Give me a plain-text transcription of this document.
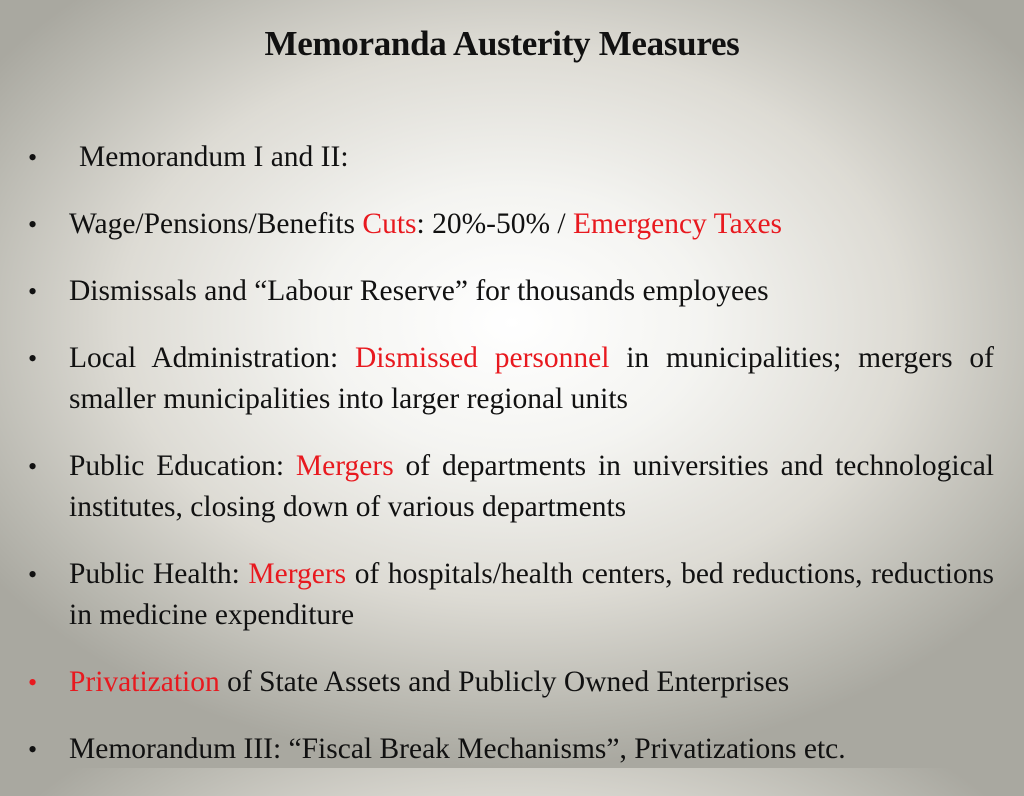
Memoranda Austerity Measures
•	Memorandum I and II:
•	Wage/Pensions/Benefits Cuts: 20%-50% / Emergency Taxes
•	Dismissals and “Labour Reserve” for thousands employees
•	Local Administration: Dismissed personnel in municipalities; mergers of smaller municipalities into larger regional units
•	Public Education: Mergers of departments in universities and technological institutes, closing down of various departments
•	Public Health: Mergers of hospitals/health centers, bed reductions, reductions in medicine expenditure
•	Privatization of State Assets and Publicly Owned Enterprises
•	Memorandum III: “Fiscal Break Mechanisms”, Privatizations etc.
